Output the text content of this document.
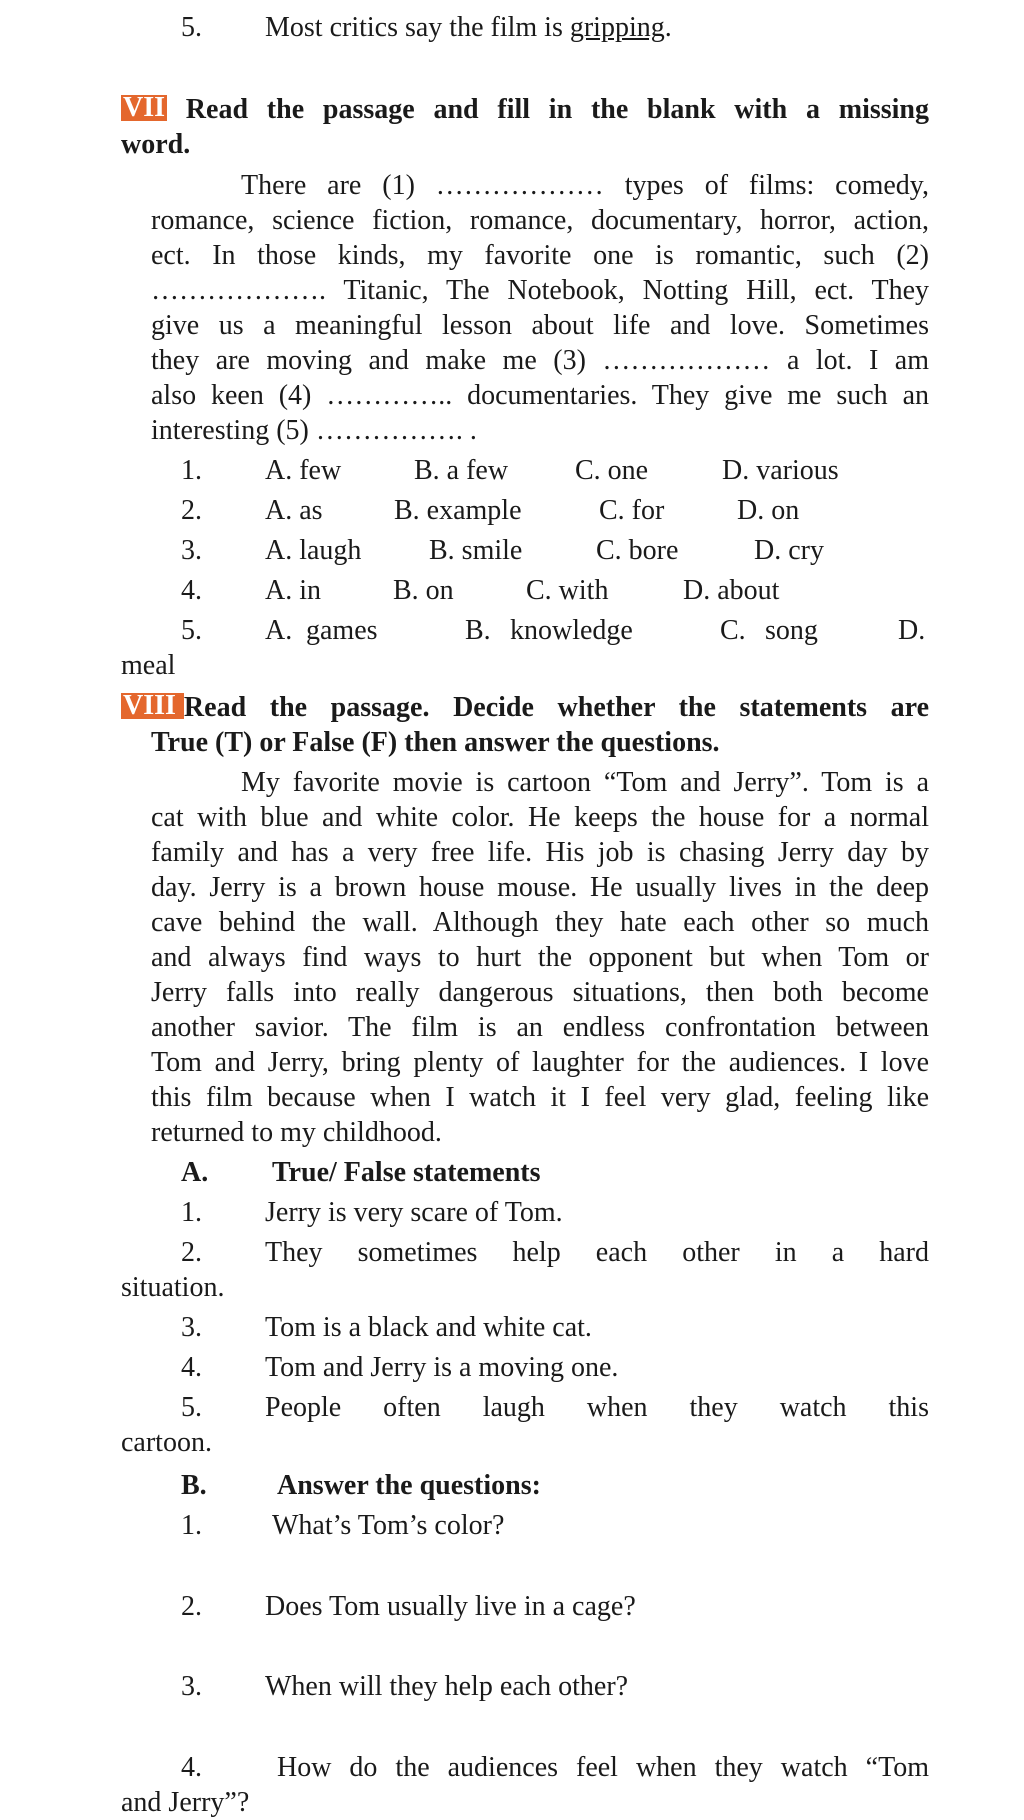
5. Most critics say the film is gripping.
VII Read the passage and fill in the blank with a missing
word.
There are (1) ……………… types of films: comedy,
romance, science fiction, romance, documentary, horror, action,
ect. In those kinds, my favorite one is romantic, such (2)
………………. Titanic, The Notebook, Notting Hill, ect. They
give us a meaningful lesson about life and love. Sometimes
they are moving and make me (3) ……………… a lot. I am
also keen (4) ………….. documentaries. They give me such an
interesting (5) ……………. .
1. A. few	B. a few C. one	D. various
2. A. as	B. example	C. for	D. on
3. A. laugh B. smile	C. bore	D. cry
4. A. in	B. on	C. with	D. about
5. A. games	B. knowledge	C. song	D.
meal
VIII Read the passage. Decide whether the statements are
True (T) or False (F) then answer the questions.
My favorite movie is cartoon “Tom and Jerry”. Tom is a
cat with blue and white color. He keeps the house for a normal
family and has a very free life. His job is chasing Jerry day by
day. Jerry is a brown house mouse. He usually lives in the deep
cave behind the wall. Although they hate each other so much
and always find ways to hurt the opponent but when Tom or
Jerry falls into really dangerous situations, then both become
another savior. The film is an endless confrontation between
Tom and Jerry, bring plenty of laughter for the audiences. I love
this film because when I watch it I feel very glad, feeling like
returned to my childhood.
A. True/ False statements
1. Jerry is very scare of Tom.
2. They sometimes help each other in a hard
situation.
3. Tom is a black and white cat.
4. Tom and Jerry is a moving one.
5. People often laugh when they watch this
cartoon.
B.	Answer the questions:
1.	What’s Tom’s color?
2. Does Tom usually live in a cage?
3. When will they help each other?
4.	How do the audiences feel when they watch “Tom
and Jerry”?
